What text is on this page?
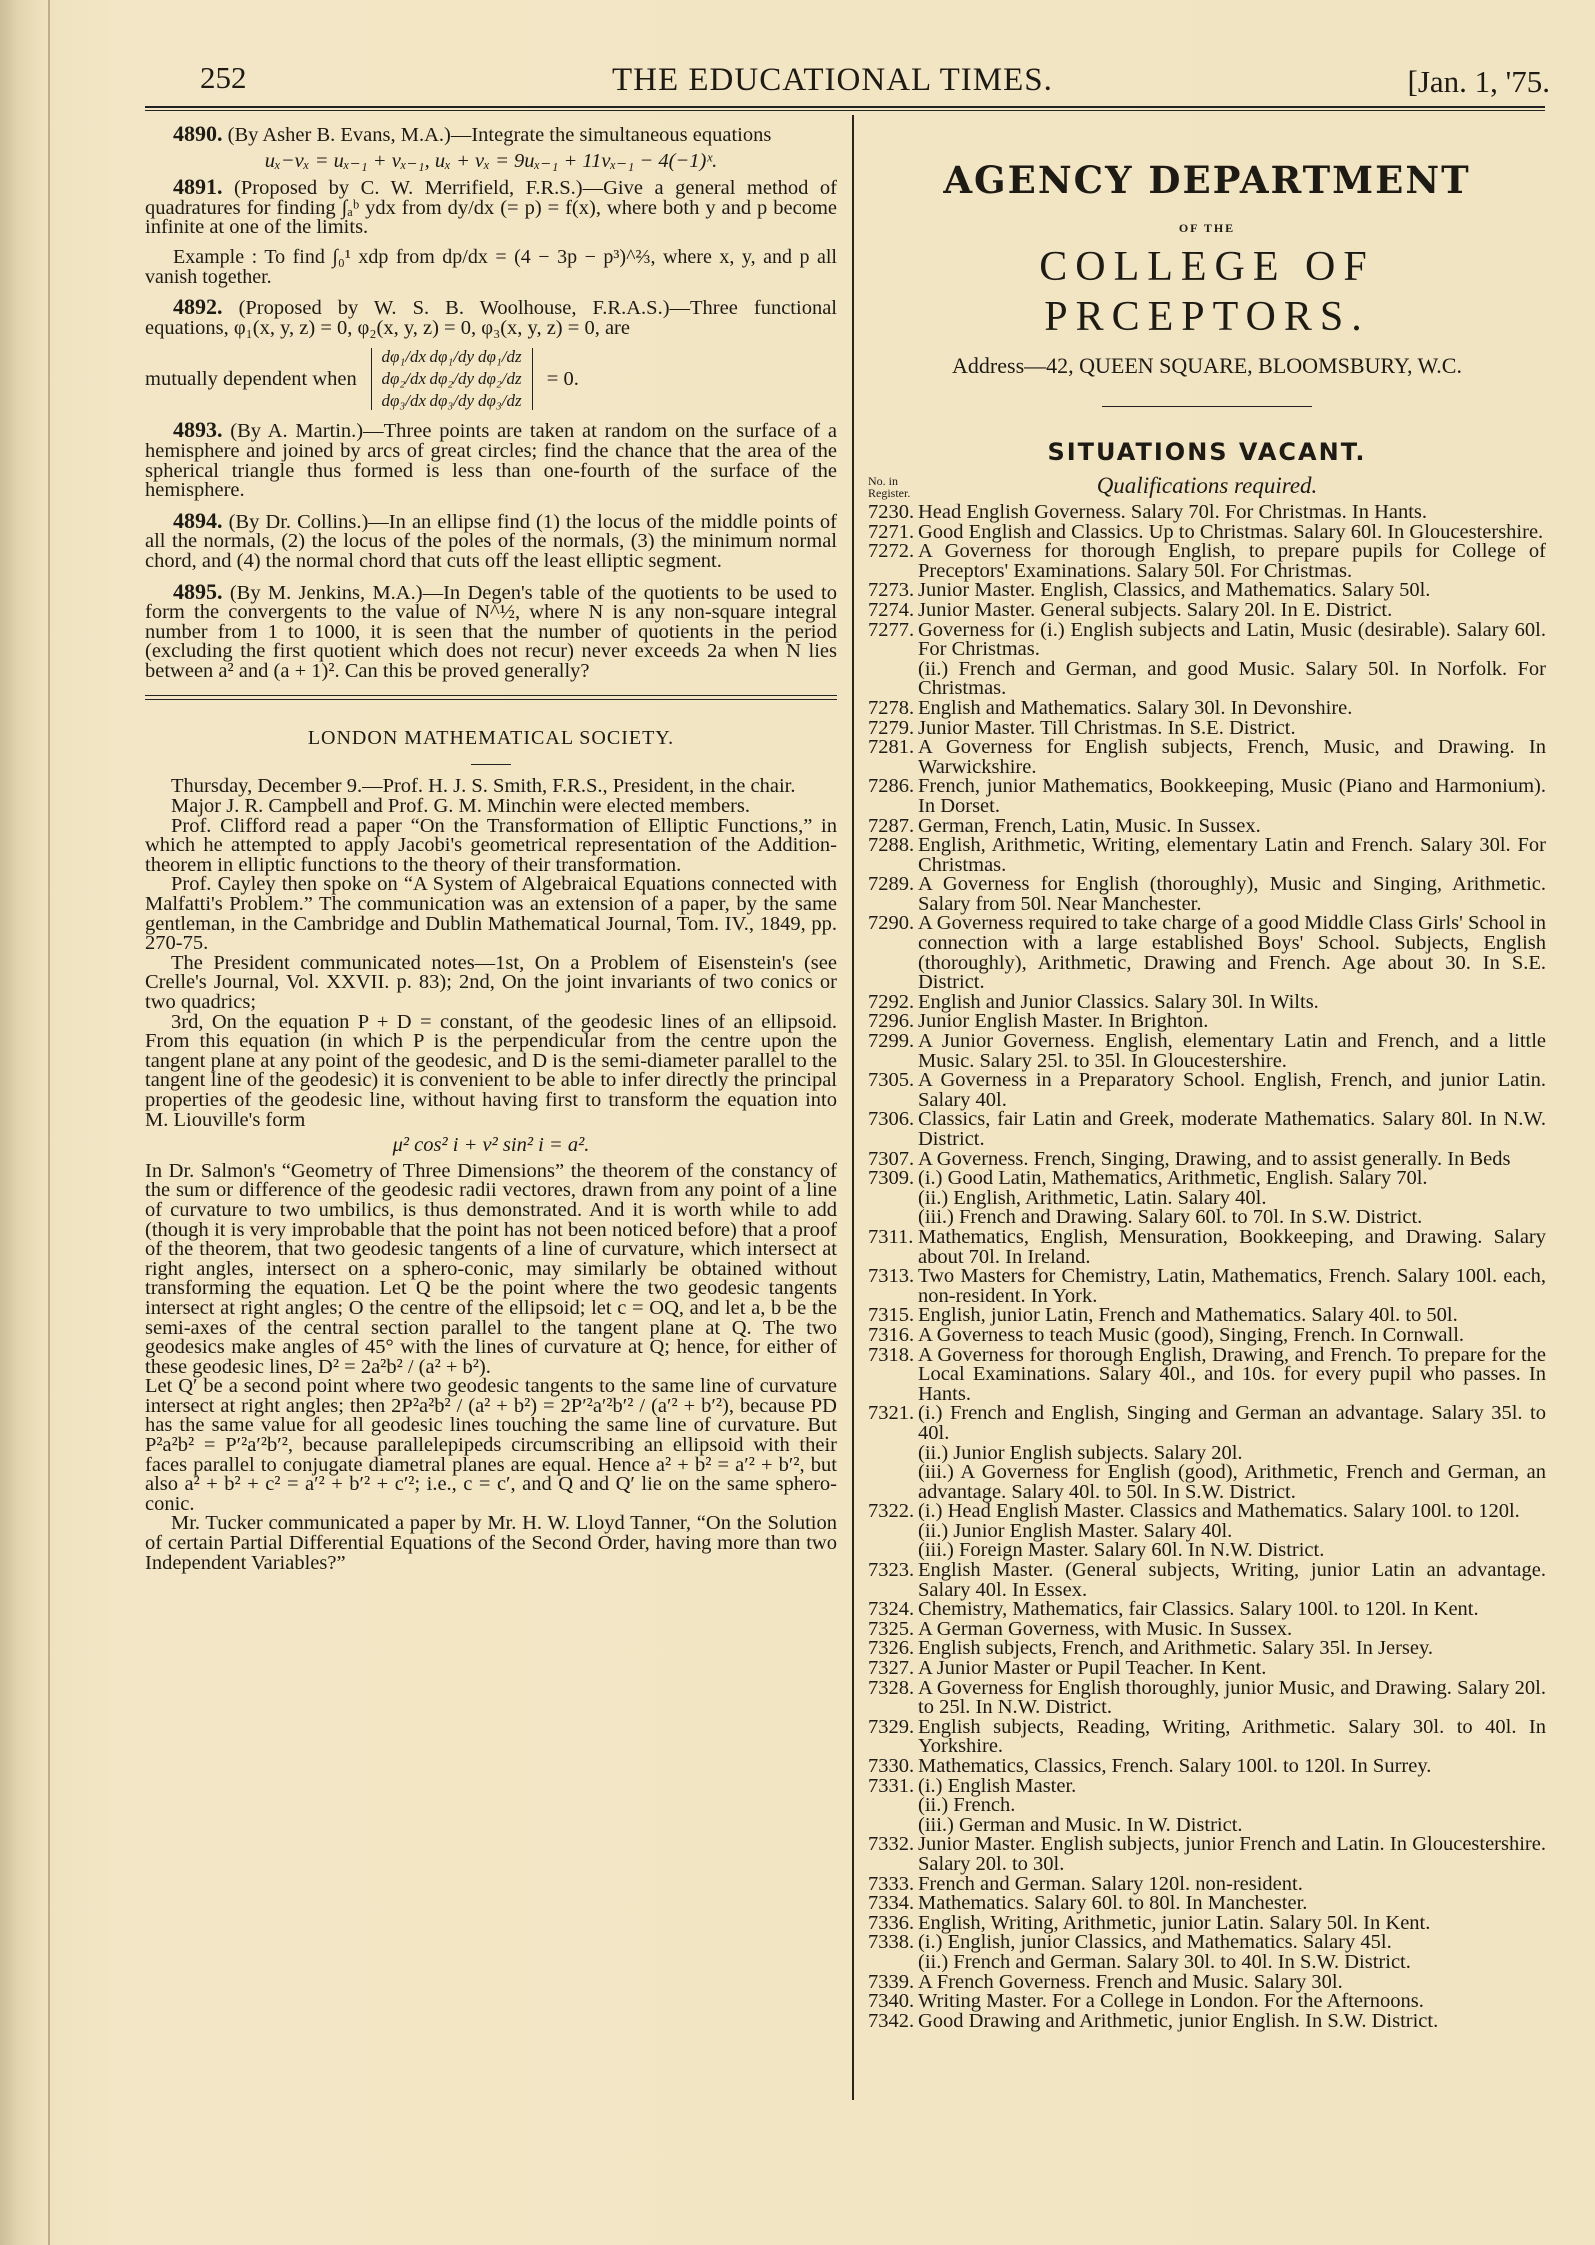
252	THE EDUCATIONAL TIMES.	[Jan. 1, '75.

4890. (By Asher B. Evans, M.A.)—Integrate the simultaneous equations

uₓ−vₓ = uₓ₋₁ + vₓ₋₁, uₓ + vₓ = 9uₓ₋₁ + 11vₓ₋₁ − 4(−1)ˣ.

4891. (Proposed by C. W. Merrifield, F.R.S.)—Give a general method of quadratures for finding ∫ₐᵇ ydx from dy/dx (= p) = f(x), where both y and p become infinite at one of the limits.

Example : To find ∫₀¹ xdp from dp/dx = (4 − 3p − p³)^⅔, where x, y, and p all vanish together.

4892. (Proposed by W. S. B. Woolhouse, F.R.A.S.)—Three functional equations, φ₁(x, y, z) = 0, φ₂(x, y, z) = 0, φ₃(x, y, z) = 0, are

mutually dependent when
dφ₁/dx dφ₁/dy dφ₁/dz
dφ₂/dx dφ₂/dy dφ₂/dz
dφ₃/dx dφ₃/dy dφ₃/dz
= 0.

4893. (By A. Martin.)—Three points are taken at random on the surface of a hemisphere and joined by arcs of great circles; find the chance that the area of the spherical triangle thus formed is less than one-fourth of the surface of the hemisphere.

4894. (By Dr. Collins.)—In an ellipse find (1) the locus of the middle points of all the normals, (2) the locus of the poles of the normals, (3) the minimum normal chord, and (4) the normal chord that cuts off the least elliptic segment.

4895. (By M. Jenkins, M.A.)—In Degen's table of the quotients to be used to form the convergents to the value of N^½, where N is any non-square integral number from 1 to 1000, it is seen that the number of quotients in the period (excluding the first quotient which does not recur) never exceeds 2a when N lies between a² and (a + 1)². Can this be proved generally?

LONDON MATHEMATICAL SOCIETY.

Thursday, December 9.—Prof. H. J. S. Smith, F.R.S., President, in the chair.

Major J. R. Campbell and Prof. G. M. Minchin were elected members.

Prof. Clifford read a paper “On the Transformation of Elliptic Functions,” in which he attempted to apply Jacobi's geometrical representation of the Addition-theorem in elliptic functions to the theory of their transformation.

Prof. Cayley then spoke on “A System of Algebraical Equations connected with Malfatti's Problem.” The communication was an extension of a paper, by the same gentleman, in the Cambridge and Dublin Mathematical Journal, Tom. IV., 1849, pp. 270-75.

The President communicated notes—1st, On a Problem of Eisenstein's (see Crelle's Journal, Vol. XXVII. p. 83); 2nd, On the joint invariants of two conics or two quadrics;

3rd, On the equation P + D = constant, of the geodesic lines of an ellipsoid. From this equation (in which P is the perpendicular from the centre upon the tangent plane at any point of the geodesic, and D is the semi-diameter parallel to the tangent line of the geodesic) it is convenient to be able to infer directly the principal properties of the geodesic line, without having first to transform the equation into M. Liouville's form

μ² cos² i + ν² sin² i = a².

In Dr. Salmon's “Geometry of Three Dimensions” the theorem of the constancy of the sum or difference of the geodesic radii vectores, drawn from any point of a line of curvature to two umbilics, is thus demonstrated. And it is worth while to add (though it is very improbable that the point has not been noticed before) that a proof of the theorem, that two geodesic tangents of a line of curvature, which intersect at right angles, intersect on a sphero-conic, may similarly be obtained without transforming the equation. Let Q be the point where the two geodesic tangents intersect at right angles; O the centre of the ellipsoid; let c = OQ, and let a, b be the semi-axes of the central section parallel to the tangent plane at Q. The two geodesics make angles of 45° with the lines of curvature at Q; hence, for either of these geodesic lines, D² = 2a²b² / (a² + b²).

Let Q′ be a second point where two geodesic tangents to the same line of curvature intersect at right angles; then 2P²a²b² / (a² + b²) = 2P′²a′²b′² / (a′² + b′²), because PD has the same value for all geodesic lines touching the same line of curvature. But P²a²b² = P′²a′²b′², because parallelepipeds circumscribing an ellipsoid with their faces parallel to conjugate diametral planes are equal. Hence a² + b² = a′² + b′², but also a² + b² + c² = a′² + b′² + c′²; i.e., c = c′, and Q and Q′ lie on the same sphero-conic.

Mr. Tucker communicated a paper by Mr. H. W. Lloyd Tanner, “On the Solution of certain Partial Differential Equations of the Second Order, having more than two Independent Variables?”

AGENCY DEPARTMENT
OF THE
COLLEGE OF PRCEPTORS.
Address—42, QUEEN SQUARE, BLOOMSBURY, W.C.
SITUATIONS VACANT.
No. in Register.	Qualifications required.
7230. Head English Governess. Salary 70l. For Christmas. In Hants.
7271. Good English and Classics. Up to Christmas. Salary 60l. In Gloucestershire.
7272. A Governess for thorough English, to prepare pupils for College of Preceptors' Examinations. Salary 50l. For Christmas.
7273. Junior Master. English, Classics, and Mathematics. Salary 50l.
7274. Junior Master. General subjects. Salary 20l. In E. District.
7277. Governess for (i.) English subjects and Latin, Music (desirable). Salary 60l. For Christmas.
(ii.) French and German, and good Music. Salary 50l. In Norfolk. For Christmas.
7278. English and Mathematics. Salary 30l. In Devonshire.
7279. Junior Master. Till Christmas. In S.E. District.
7281. A Governess for English subjects, French, Music, and Drawing. In Warwickshire.
7286. French, junior Mathematics, Bookkeeping, Music (Piano and Harmonium). In Dorset.
7287. German, French, Latin, Music. In Sussex.
7288. English, Arithmetic, Writing, elementary Latin and French. Salary 30l. For Christmas.
7289. A Governess for English (thoroughly), Music and Singing, Arithmetic. Salary from 50l. Near Manchester.
7290. A Governess required to take charge of a good Middle Class Girls' School in connection with a large established Boys' School. Subjects, English (thoroughly), Arithmetic, Drawing and French. Age about 30. In S.E. District.
7292. English and Junior Classics. Salary 30l. In Wilts.
7296. Junior English Master. In Brighton.
7299. A Junior Governess. English, elementary Latin and French, and a little Music. Salary 25l. to 35l. In Gloucestershire.
7305. A Governess in a Preparatory School. English, French, and junior Latin. Salary 40l.
7306. Classics, fair Latin and Greek, moderate Mathematics. Salary 80l. In N.W. District.
7307. A Governess. French, Singing, Drawing, and to assist generally. In Beds
7309. (i.) Good Latin, Mathematics, Arithmetic, English. Salary 70l.
(ii.) English, Arithmetic, Latin. Salary 40l.
(iii.) French and Drawing. Salary 60l. to 70l. In S.W. District.
7311. Mathematics, English, Mensuration, Bookkeeping, and Drawing. Salary about 70l. In Ireland.
7313. Two Masters for Chemistry, Latin, Mathematics, French. Salary 100l. each, non-resident. In York.
7315. English, junior Latin, French and Mathematics. Salary 40l. to 50l.
7316. A Governess to teach Music (good), Singing, French. In Cornwall.
7318. A Governess for thorough English, Drawing, and French. To prepare for the Local Examinations. Salary 40l., and 10s. for every pupil who passes. In Hants.
7321. (i.) French and English, Singing and German an advantage. Salary 35l. to 40l.
(ii.) Junior English subjects. Salary 20l.
(iii.) A Governess for English (good), Arithmetic, French and German, an advantage. Salary 40l. to 50l. In S.W. District.
7322. (i.) Head English Master. Classics and Mathematics. Salary 100l. to 120l.
(ii.) Junior English Master. Salary 40l.
(iii.) Foreign Master. Salary 60l. In N.W. District.
7323. English Master. (General subjects, Writing, junior Latin an advantage. Salary 40l. In Essex.
7324. Chemistry, Mathematics, fair Classics. Salary 100l. to 120l. In Kent.
7325. A German Governess, with Music. In Sussex.
7326. English subjects, French, and Arithmetic. Salary 35l. In Jersey.
7327. A Junior Master or Pupil Teacher. In Kent.
7328. A Governess for English thoroughly, junior Music, and Drawing. Salary 20l. to 25l. In N.W. District.
7329. English subjects, Reading, Writing, Arithmetic. Salary 30l. to 40l. In Yorkshire.
7330. Mathematics, Classics, French. Salary 100l. to 120l. In Surrey.
7331. (i.) English Master.
(ii.) French.
(iii.) German and Music. In W. District.
7332. Junior Master. English subjects, junior French and Latin. In Gloucestershire. Salary 20l. to 30l.
7333. French and German. Salary 120l. non-resident.
7334. Mathematics. Salary 60l. to 80l. In Manchester.
7336. English, Writing, Arithmetic, junior Latin. Salary 50l. In Kent.
7338. (i.) English, junior Classics, and Mathematics. Salary 45l.
(ii.) French and German. Salary 30l. to 40l. In S.W. District.
7339. A French Governess. French and Music. Salary 30l.
7340. Writing Master. For a College in London. For the Afternoons.
7342. Good Drawing and Arithmetic, junior English. In S.W. District.
